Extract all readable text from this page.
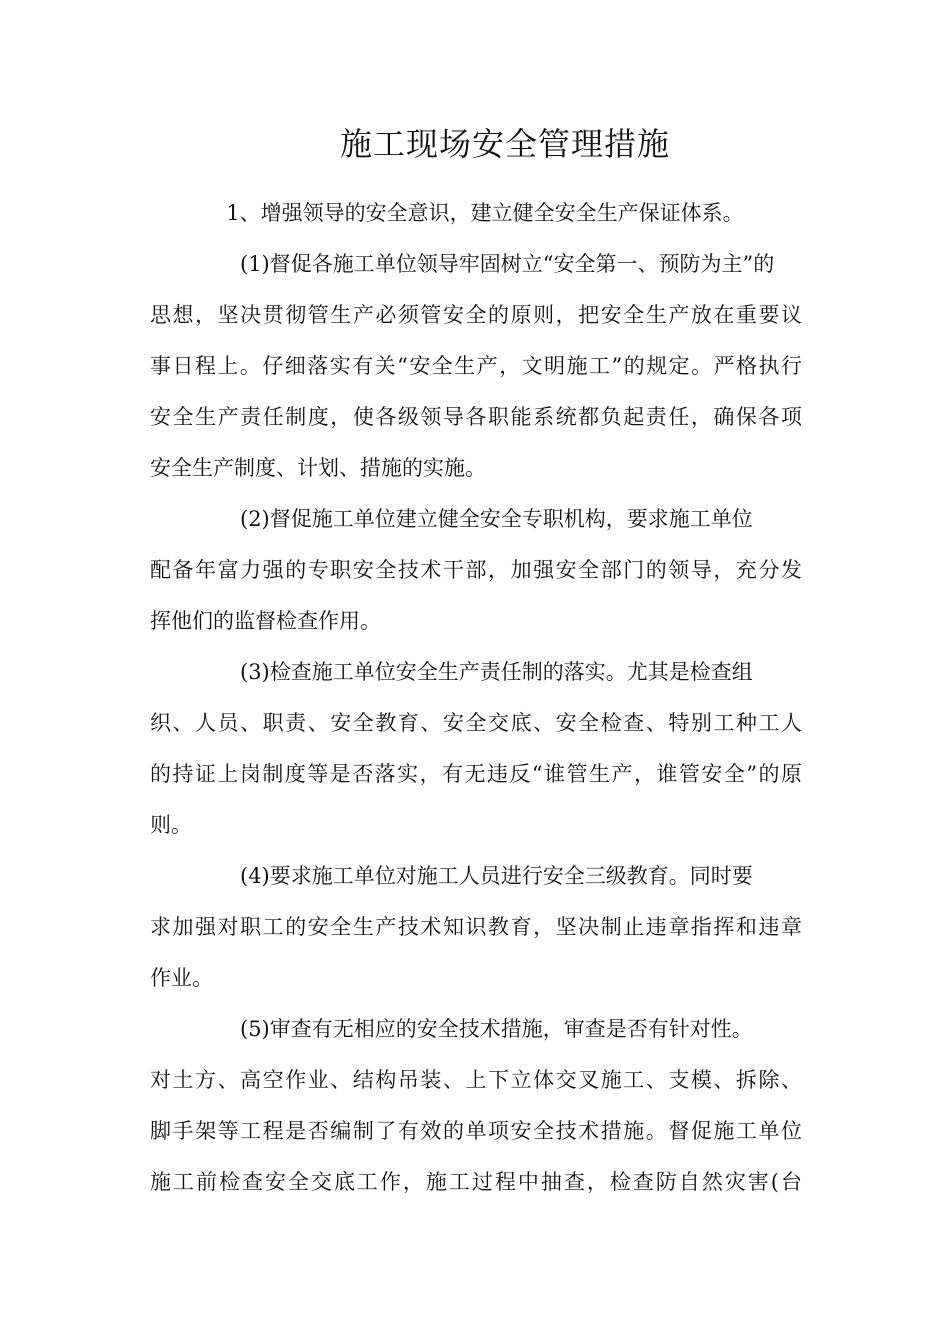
施工现场安全管理措施
1、增强领导的安全意识，建立健全安全生产保证体系。
(1)督促各施工单位领导牢固树立“安全第一、预防为主”的
思想，坚决贯彻管生产必须管安全的原则，把安全生产放在重要议
事日程上。仔细落实有关“安全生产，文明施工”的规定。严格执行
安全生产责任制度，使各级领导各职能系统都负起责任，确保各项
安全生产制度、计划、措施的实施。
(2)督促施工单位建立健全安全专职机构，要求施工单位
配备年富力强的专职安全技术干部，加强安全部门的领导，充分发
挥他们的监督检查作用。
(3)检查施工单位安全生产责任制的落实。尤其是检查组
织、人员、职责、安全教育、安全交底、安全检查、特别工种工人
的持证上岗制度等是否落实，有无违反“谁管生产，谁管安全”的原
则。
(4)要求施工单位对施工人员进行安全三级教育。同时要
求加强对职工的安全生产技术知识教育，坚决制止违章指挥和违章
作业。
(5)审查有无相应的安全技术措施，审查是否有针对性。
对土方、高空作业、结构吊装、上下立体交叉施工、支模、拆除、
脚手架等工程是否编制了有效的单项安全技术措施。督促施工单位
施工前检查安全交底工作，施工过程中抽查，检查防自然灾害(台
